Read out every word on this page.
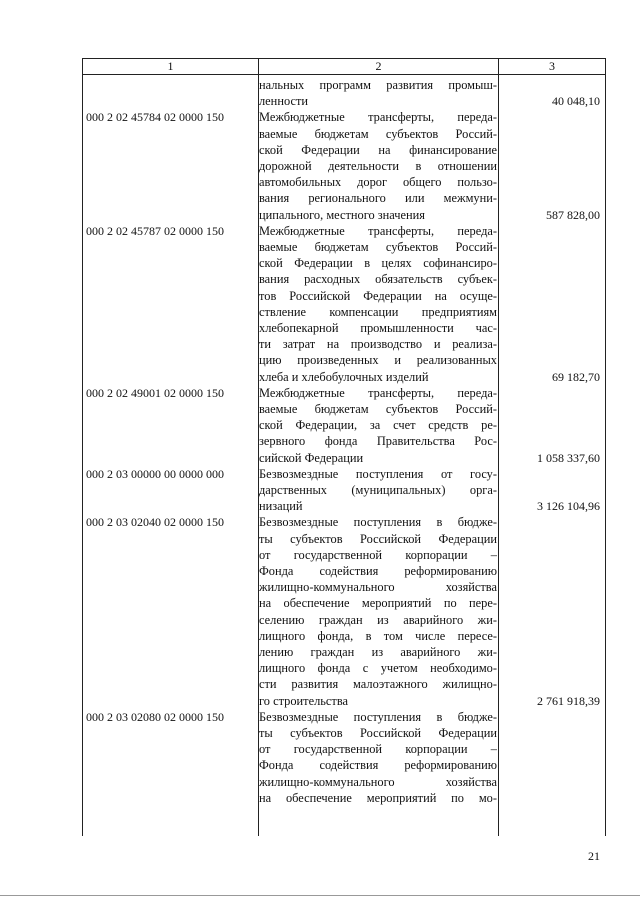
1	2	3
нальных программ развития промыш-
ленности	40 048,10
000 2 02 45784 02 0000 150	Межбюджетные трансферты, переда-
ваемые бюджетам субъектов Россий-
ской Федерации на финансирование
дорожной деятельности в отношении
автомобильных дорог общего пользо-
вания регионального или межмуни-
ципального, местного значения	587 828,00
000 2 02 45787 02 0000 150	Межбюджетные трансферты, переда-
ваемые бюджетам субъектов Россий-
ской Федерации в целях софинансиро-
вания расходных обязательств субъек-
тов Российской Федерации на осуще-
ствление компенсации предприятиям
хлебопекарной промышленности час-
ти затрат на производство и реализа-
цию произведенных и реализованных
хлеба и хлебобулочных изделий	69 182,70
000 2 02 49001 02 0000 150	Межбюджетные трансферты, переда-
ваемые бюджетам субъектов Россий-
ской Федерации, за счет средств ре-
зервного фонда Правительства Рос-
сийской Федерации	1 058 337,60
000 2 03 00000 00 0000 000	Безвозмездные поступления от госу-
дарственных (муниципальных) орга-
низаций	3 126 104,96
000 2 03 02040 02 0000 150	Безвозмездные поступления в бюдже-
ты субъектов Российской Федерации
от государственной корпорации –
Фонда содействия реформированию
жилищно-коммунального хозяйства
на обеспечение мероприятий по пере-
селению граждан из аварийного жи-
лищного фонда, в том числе пересе-
лению граждан из аварийного жи-
лищного фонда с учетом необходимо-
сти развития малоэтажного жилищно-
го строительства	2 761 918,39
000 2 03 02080 02 0000 150	Безвозмездные поступления в бюдже-
ты субъектов Российской Федерации
от государственной корпорации –
Фонда содействия реформированию
жилищно-коммунального хозяйства
на обеспечение мероприятий по мо-
21
